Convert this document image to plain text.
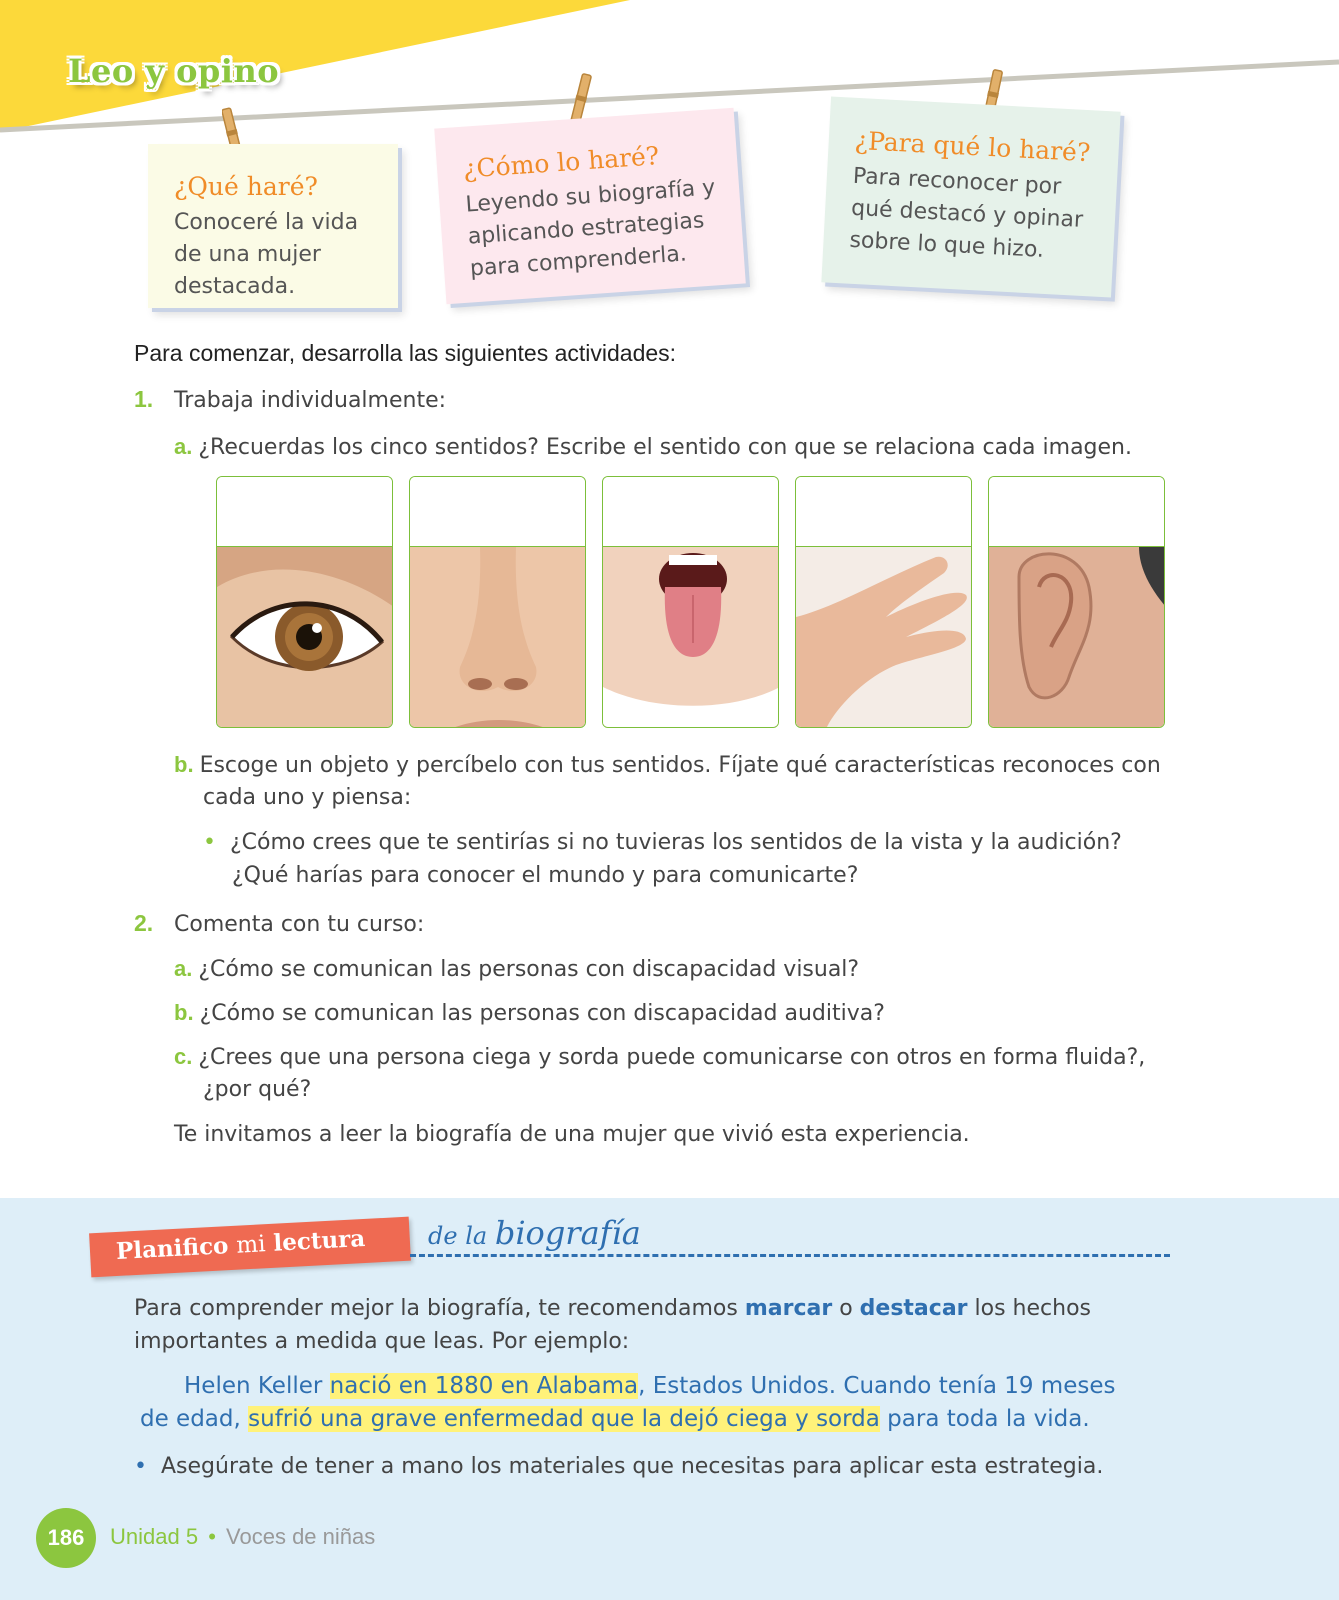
Leo y opino
¿Qué haré?
Conoceré la vida de una mujer destacada.
¿Cómo lo haré?
Leyendo su biografía y aplicando estrategias para comprenderla.
¿Para qué lo haré?
Para reconocer por qué destacó y opinar sobre lo que hizo.
Para comenzar, desarrolla las siguientes actividades:
1. Trabaja individualmente:
a. ¿Recuerdas los cinco sentidos? Escribe el sentido con que se relaciona cada imagen.
b. Escoge un objeto y percíbelo con tus sentidos. Fíjate qué características reconoces con
cada uno y piensa:
• ¿Cómo crees que te sentirías si no tuvieras los sentidos de la vista y la audición?
¿Qué harías para conocer el mundo y para comunicarte?
2. Comenta con tu curso:
a. ¿Cómo se comunican las personas con discapacidad visual?
b. ¿Cómo se comunican las personas con discapacidad auditiva?
c. ¿Crees que una persona ciega y sorda puede comunicarse con otros en forma fluida?,
¿por qué?
Te invitamos a leer la biografía de una mujer que vivió esta experiencia.
Planifico mi lectura	de la biografía
Para comprender mejor la biografía, te recomendamos marcar o destacar los hechos importantes a medida que leas. Por ejemplo:
Helen Keller nació en 1880 en Alabama, Estados Unidos. Cuando tenía 19 meses de edad, sufrió una grave enfermedad que la dejó ciega y sorda para toda la vida.
• Asegúrate de tener a mano los materiales que necesitas para aplicar esta estrategia.
186	Unidad 5 • Voces de niñas
